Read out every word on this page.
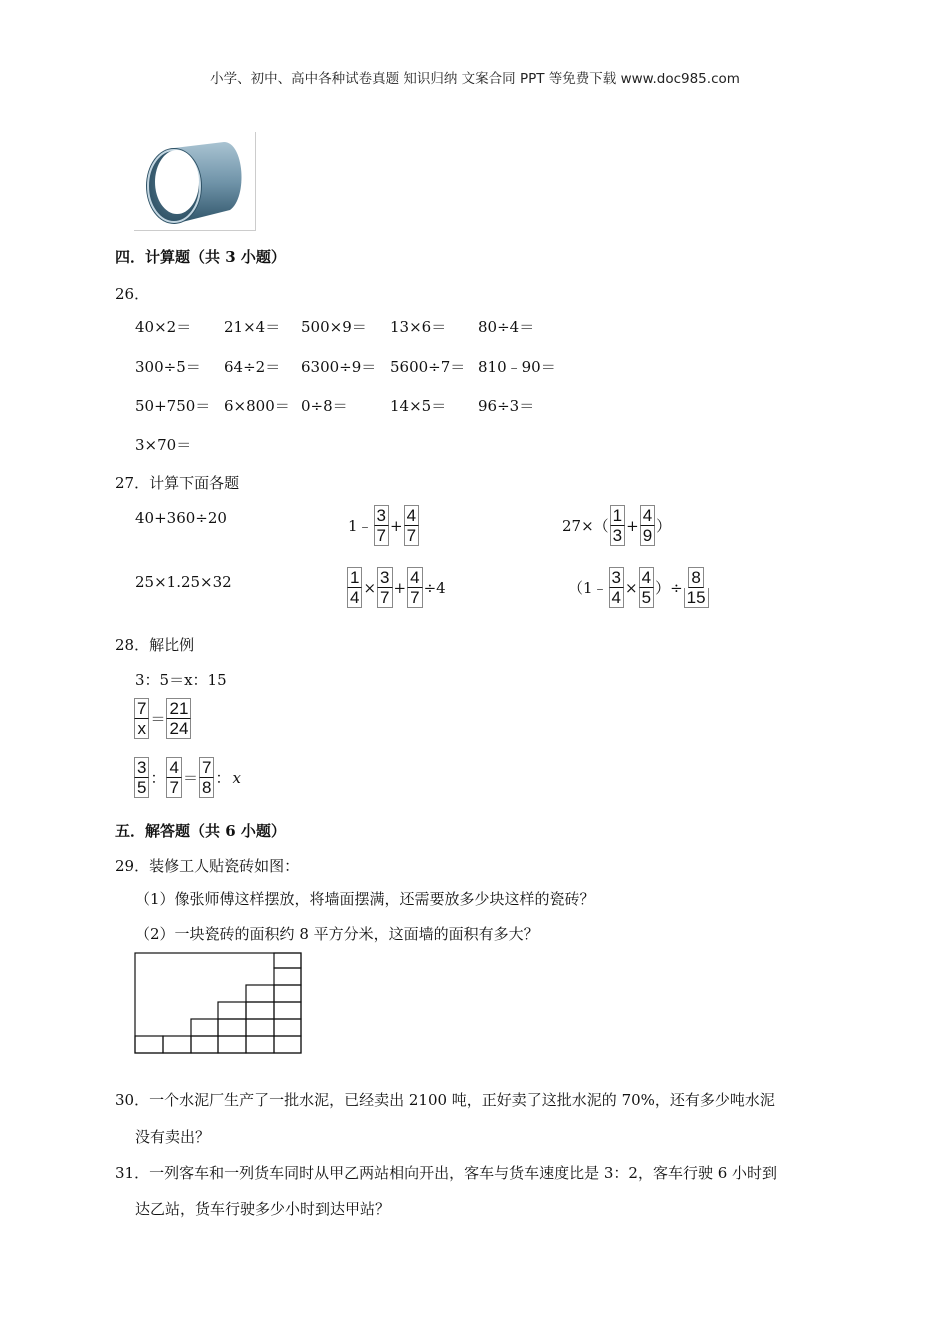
小学、初中、高中各种试卷真题 知识归纳 文案合同 PPT 等免费下载 www.doc985.com
四．计算题（共 3 小题）
26．
40×2＝ 21×4＝ 500×9＝ 13×6＝ 80÷4＝
300÷5＝ 64÷2＝ 6300÷9＝ 5600÷7＝ 810﹣90＝
50+750＝ 6×800＝ 0÷8＝	14×5＝ 96÷3＝
3×70＝
27．计算下面各题
40+360÷20	1﹣ $\frac{3}{7} + \frac{4}{7}$	$27\times( \frac{1}{3} + \frac{4}{9}$ ）
25×1.25×32	$\frac{1}{4} \times \frac{3}{7} + \frac{4}{7} \div 4$	（1﹣ $\frac{3}{4} \times \frac{4}{5}$ ）÷ $\frac{8}{15}$
28．解比例
3：5＝x：15
$\frac{7}{x} = \frac{21}{24}$
$\frac{3}{5}$ ： $\frac{4}{7} = \frac{7}{8}$ ： x
五．解答题（共 6 小题）
29．装修工人贴瓷砖如图：
（1）像张师傅这样摆放，将墙面摆满，还需要放多少块这样的瓷砖？
（2）一块瓷砖的面积约 8 平方分米，这面墙的面积有多大？
30．一个水泥厂生产了一批水泥，已经卖出 2100 吨，正好卖了这批水泥的 70%，还有多少吨水泥
没有卖出？
31．一列客车和一列货车同时从甲乙两站相向开出，客车与货车速度比是 3：2，客车行驶 6 小时到
达乙站，货车行驶多少小时到达甲站？
